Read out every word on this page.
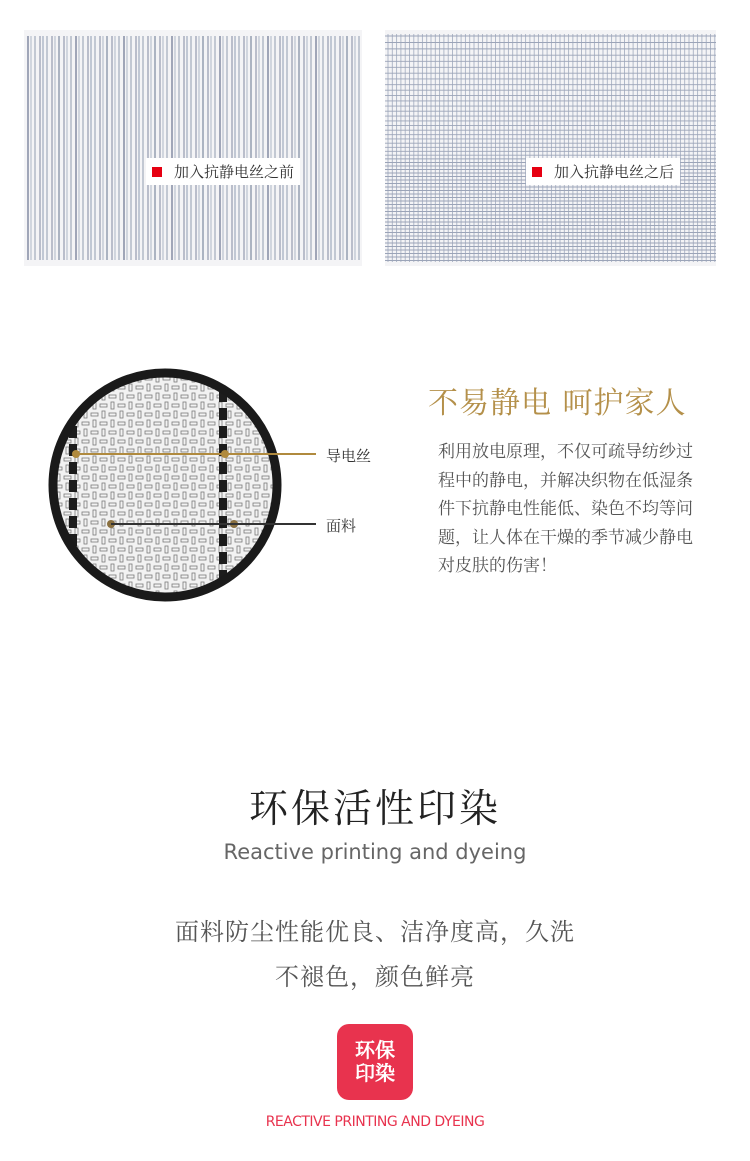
加入抗静电丝之前	加入抗静电丝之后
导电丝
面料
不易静电 呵护家人

利用放电原理，不仅可疏导纺纱过程中的静电，并解决织物在低湿条件下抗静电性能低、染色不均等问题，让人体在干燥的季节减少静电对皮肤的伤害！

环保活性印染
Reactive printing and dyeing
面料防尘性能优良、洁净度高，久洗
不褪色，颜色鲜亮
环保
印染
REACTIVE PRINTING AND DYEING
